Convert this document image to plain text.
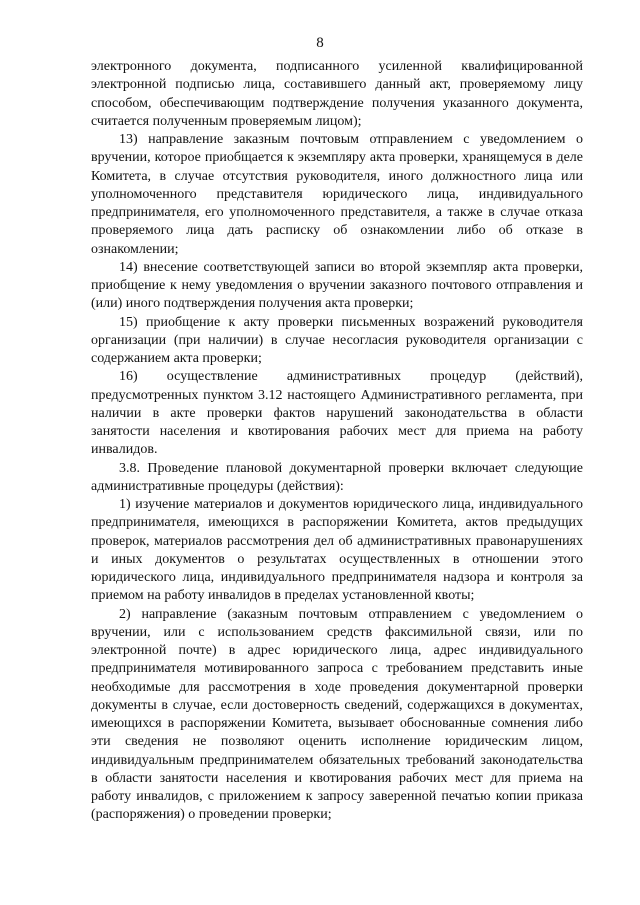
8

электронного документа, подписанного усиленной квалифицированной электронной подписью лица, составившего данный акт, проверяемому лицу способом, обеспечивающим подтверждение получения указанного документа, считается полученным проверяемым лицом);

13) направление заказным почтовым отправлением с уведомлением о вручении, которое приобщается к экземпляру акта проверки, хранящемуся в деле Комитета, в случае отсутствия руководителя, иного должностного лица или уполномоченного представителя юридического лица, индивидуального предпринимателя, его уполномоченного представителя, а также в случае отказа проверяемого лица дать расписку об ознакомлении либо об отказе в ознакомлении;

14) внесение соответствующей записи во второй экземпляр акта проверки, приобщение к нему уведомления о вручении заказного почтового отправления и (или) иного подтверждения получения акта проверки;

15) приобщение к акту проверки письменных возражений руководителя организации (при наличии) в случае несогласия руководителя организации с содержанием акта проверки;

16) осуществление административных процедур (действий), предусмотренных пунктом 3.12 настоящего Административного регламента, при наличии в акте проверки фактов нарушений законодательства в области занятости населения и квотирования рабочих мест для приема на работу инвалидов.

3.8. Проведение плановой документарной проверки включает следующие административные процедуры (действия):

1) изучение материалов и документов юридического лица, индивидуального предпринимателя, имеющихся в распоряжении Комитета, актов предыдущих проверок, материалов рассмотрения дел об административных правонарушениях и иных документов о результатах осуществленных в отношении этого юридического лица, индивидуального предпринимателя надзора и контроля за приемом на работу инвалидов в пределах установленной квоты;

2) направление (заказным почтовым отправлением с уведомлением о вручении, или с использованием средств факсимильной связи, или по электронной почте) в адрес юридического лица, адрес индивидуального предпринимателя мотивированного запроса с требованием представить иные необходимые для рассмотрения в ходе проведения документарной проверки документы в случае, если достоверность сведений, содержащихся в документах, имеющихся в распоряжении Комитета, вызывает обоснованные сомнения либо эти сведения не позволяют оценить исполнение юридическим лицом, индивидуальным предпринимателем обязательных требований законодательства в области занятости населения и квотирования рабочих мест для приема на работу инвалидов, с приложением к запросу заверенной печатью копии приказа (распоряжения) о проведении проверки;
